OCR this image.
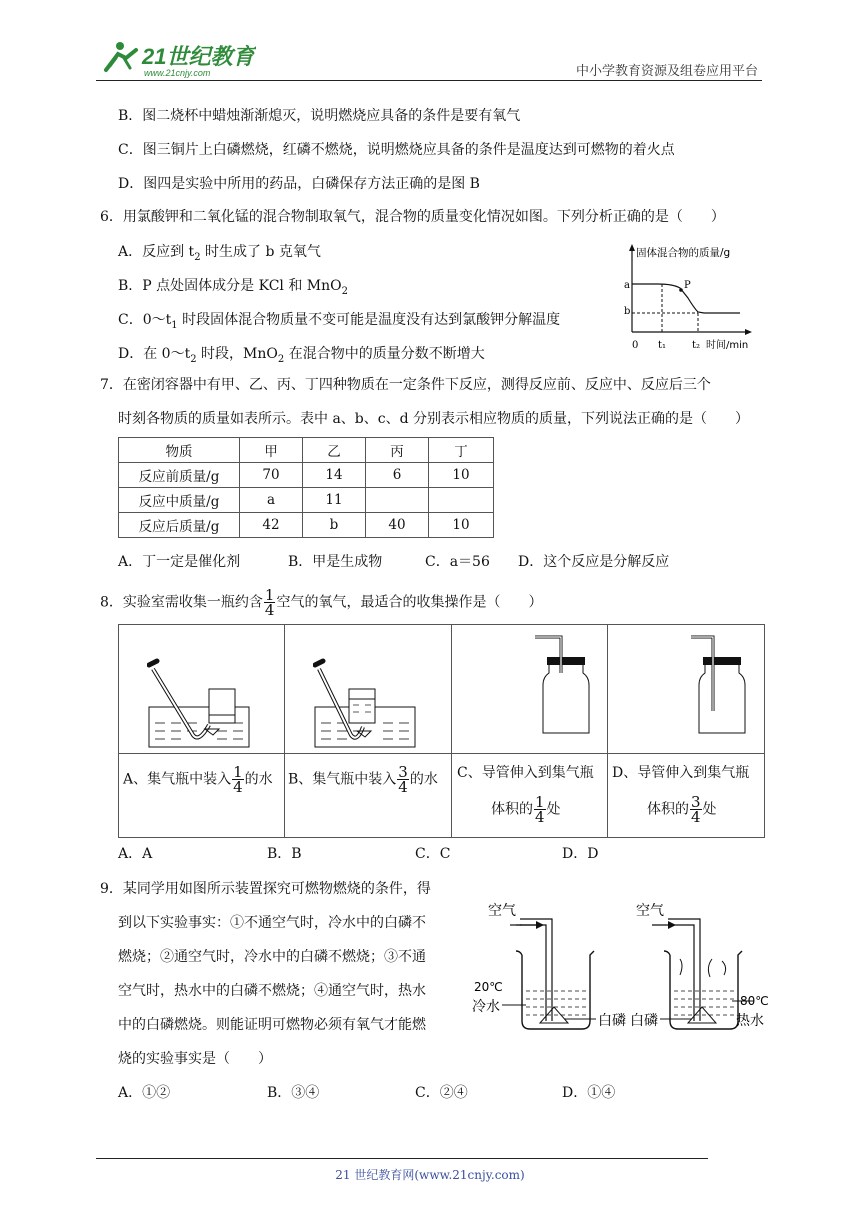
21世纪教育
www.21cnjy.com	中小学教育资源及组卷应用平台
B．图二烧杯中蜡烛渐渐熄灭，说明燃烧应具备的条件是要有氧气
C．图三铜片上白磷燃烧，红磷不燃烧，说明燃烧应具备的条件是温度达到可燃物的着火点
D．图四是实验中所用的药品，白磷保存方法正确的是图 B
6．用氯酸钾和二氧化锰的混合物制取氧气，混合物的质量变化情况如图。下列分析正确的是（　　）
A．反应到 $t_2$ 时生成了 b 克氧气
B．P 点处固体成分是 KCl 和 MnO$_2$
C．$0\sim t_1$ 时段固体混合物质量不变可能是温度没有达到氯酸钾分解温度
D．在 $0\sim t_2$ 时段，MnO$_2$ 在混合物中的质量分数不断增大
固体混合物的质量/g
a
b
P
0 t₁	t₂ 时间/min
7．在密闭容器中有甲、乙、丙、丁四种物质在一定条件下反应，测得反应前、反应中、反应后三个
时刻各物质的质量如表所示。表中 a、b、c、d 分别表示相应物质的质量，下列说法正确的是（　　）
物质	甲	乙	丙	丁
反应前质量/g	70	14	6	10
反应中质量/g	a	11		
反应后质量/g	42	b	40	10
A．丁一定是催化剂	B．甲是生成物	C．a＝56 D．这个反应是分解反应
8．实验室需收集一瓶约含 $\frac{1}{4}$ 空气的氧气，最适合的收集操作是（　　）
A、集气瓶中装入 $\frac{1}{4}$ 的水 B、集气瓶中装入 $\frac{3}{4}$ 的水 C、导管伸入到集气瓶
体积的 $\frac{1}{4}$ 处
D、导管伸入到集气瓶
体积的 $\frac{3}{4}$ 处
A．A	B．B	C．C	D．D
9．某同学用如图所示装置探究可燃物燃烧的条件，得
到以下实验事实：①不通空气时，冷水中的白磷不
燃烧；②通空气时，冷水中的白磷不燃烧；③不通
空气时，热水中的白磷不燃烧；④通空气时，热水
中的白磷燃烧。则能证明可燃物必须有氧气才能燃
烧的实验事实是（　　）
A．①②	B．③④	C．②④	D．①④
空气
20℃
冷水
白磷
空气
白磷
80℃
热水
21 世纪教育网(www.21cnjy.com)
